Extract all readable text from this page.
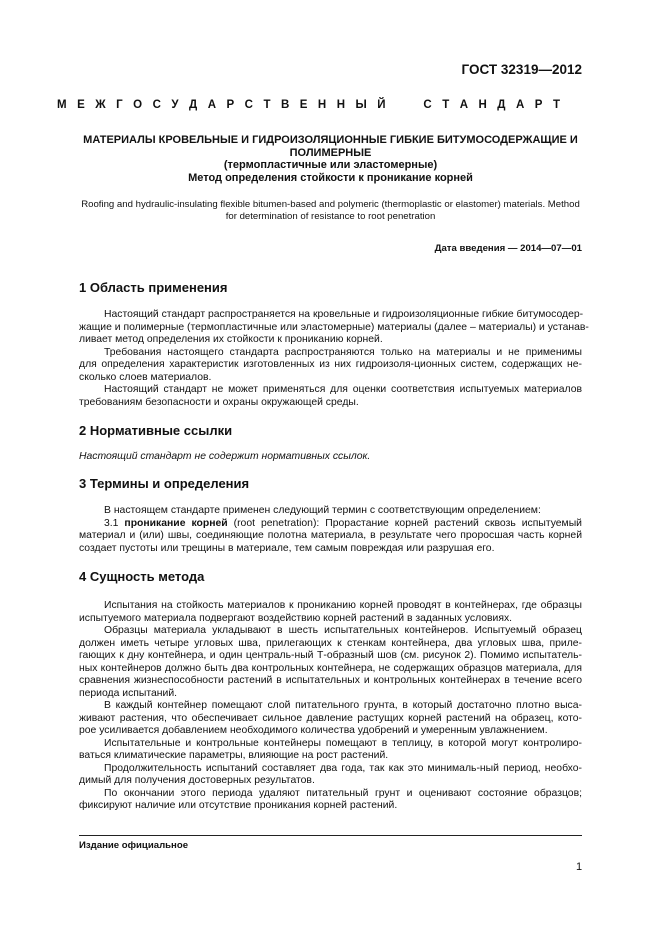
ГОСТ 32319—2012
М Е Ж Г О С У Д А Р С Т В Е Н Н Ы Й

	С Т А Н Д А Р Т
МАТЕРИАЛЫ КРОВЕЛЬНЫЕ И ГИДРОИЗОЛЯЦИОННЫЕ ГИБКИЕ БИТУМОСОДЕРЖАЩИЕ И
ПОЛИМЕРНЫЕ
(термопластичные или эластомерные)
Метод определения стойкости к проникание корней
Roofing and hydraulic-insulating flexible bitumen-based and polymeric (thermoplastic or elastomer) materials. Method
for determination of resistance to root penetration
Дата введения — 2014—07—01
1 Область применения
Настоящий стандарт распространяется на кровельные и гидроизоляционные гибкие битумосодер-
жащие и полимерные (термопластичные или эластомерные) материалы (далее – материалы) и устанав-
ливает метод определения их стойкости к прониканию корней.
Требования настоящего стандарта распространяются только на материалы и не применимы
для определения характеристик изготовленных из них гидроизоля-ционных систем, содержащих не-
сколько слоев материалов.
Настоящий стандарт не может применяться для оценки соответствия испытуемых материалов
требованиям безопасности и охраны окружающей среды.
2 Нормативные ссылки
Настоящий стандарт не содержит нормативных ссылок.
3 Термины и определения
В настоящем стандарте применен следующий термин с соответствующим определением:
3.1 проникание корней (root penetration): Прорастание корней растений сквозь испытуемый
материал и (или) швы, соединяющие полотна материала, в результате чего проросшая часть корней
создает пустоты или трещины в материале, тем самым повреждая или разрушая его.
4 Сущность метода
Испытания на стойкость материалов к прониканию корней проводят в контейнерах, где образцы
испытуемого материала подвергают воздействию корней растений в заданных условиях.
Образцы материала укладывают в шесть испытательных контейнеров. Испытуемый образец
должен иметь четыре угловых шва, прилегающих к стенкам контейнера, два угловых шва, приле-
гающих к дну контейнера, и один централь-ный Т-образный шов (см. рисунок 2). Помимо испытатель-
ных контейнеров должно быть два контрольных контейнера, не содержащих образцов материала, для
сравнения жизнеспособности растений в испытательных и контрольных контейнерах в течение всего
периода испытаний.
В каждый контейнер помещают слой питательного грунта, в который достаточно плотно выса-
живают растения, что обеспечивает сильное давление растущих корней растений на образец, кото-
рое усиливается добавлением необходимого количества удобрений и умеренным увлажнением.
Испытательные и контрольные контейнеры помещают в теплицу, в которой могут контролиро-
ваться климатические параметры, влияющие на рост растений.
Продолжительность испытаний составляет два года, так как это минималь-ный период, необхо-
димый для получения достоверных результатов.
По окончании этого периода удаляют питательный грунт и оценивают состояние образцов;
фиксируют наличие или отсутствие проникания корней растений.
Издание официальное
1
